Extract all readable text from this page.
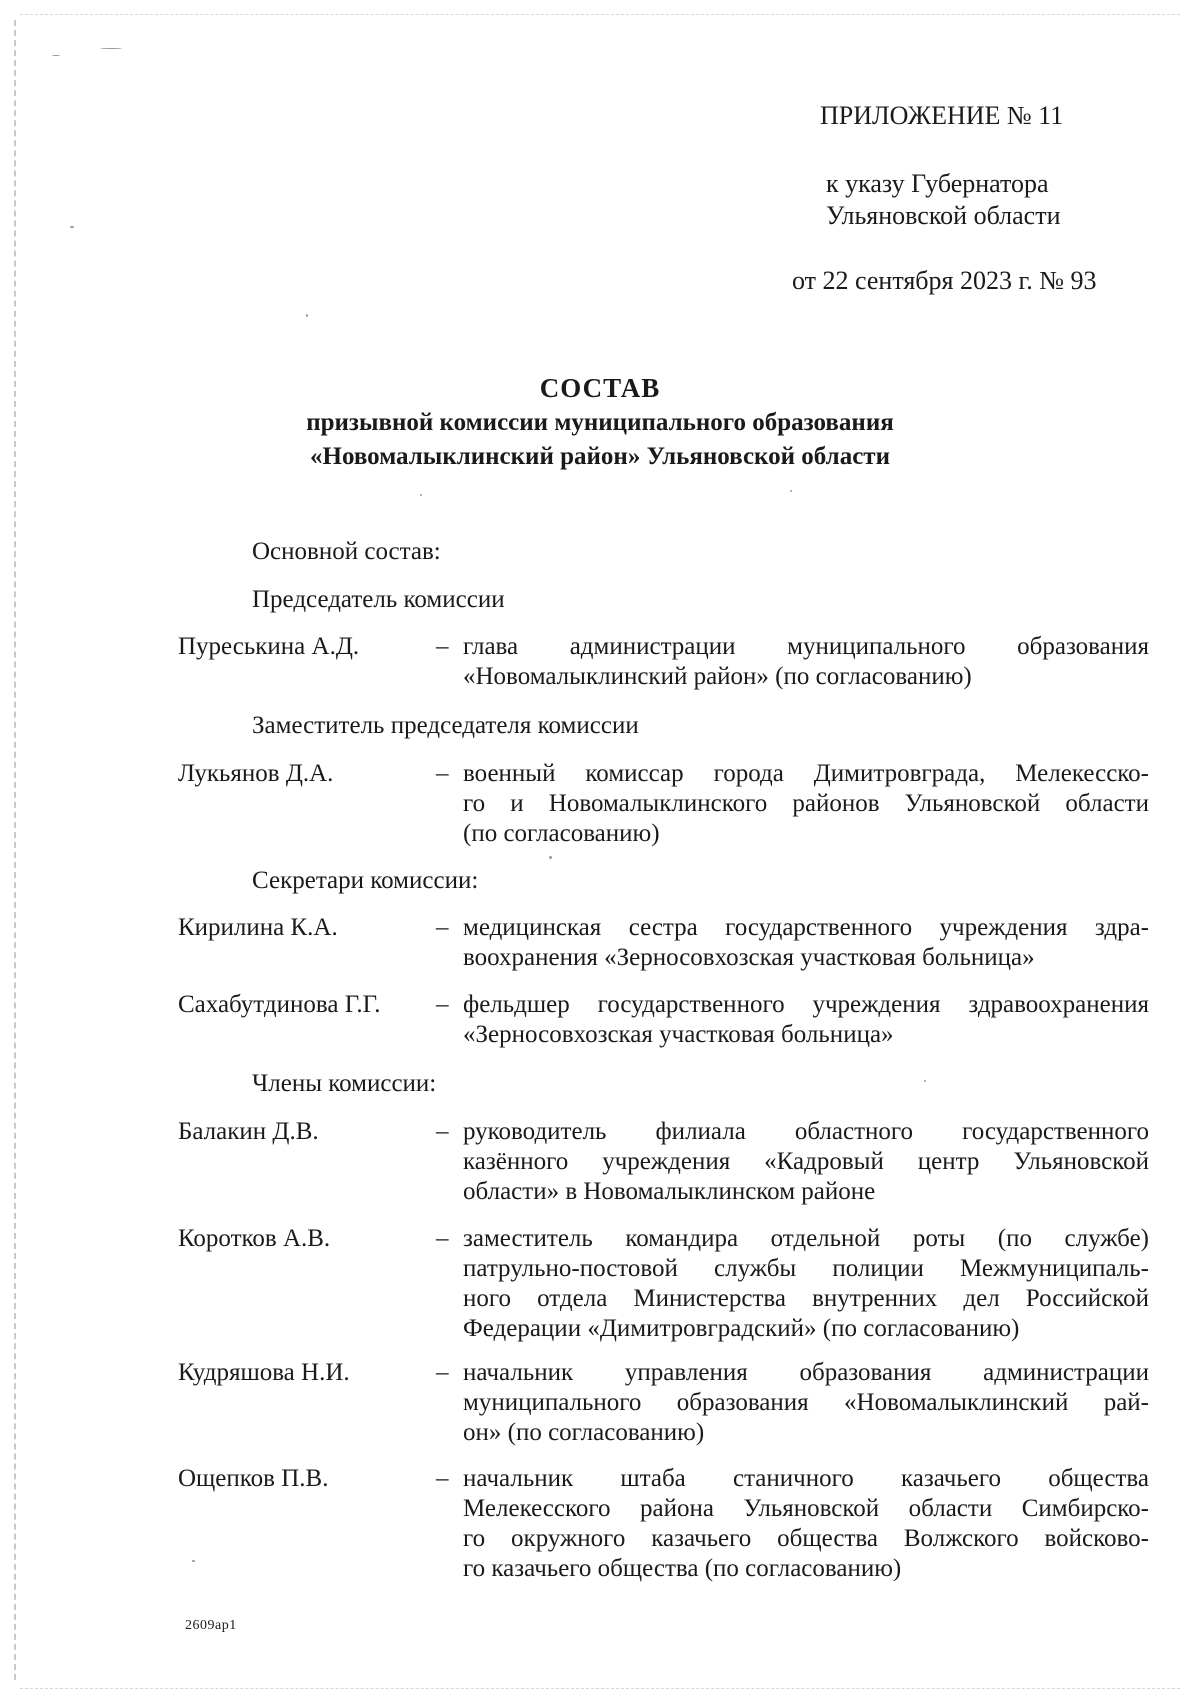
ПРИЛОЖЕНИЕ № 11
к указу Губернатора
Ульяновской области
от 22 сентября 2023 г. № 93
СОСТАВ
призывной комиссии муниципального образования
«Новомалыклинский район» Ульяновской области
Основной состав:
Председатель комиссии
Пуреськина А.Д.	– глава администрации муниципального образования
«Новомалыклинский район» (по согласованию)
Заместитель председателя комиссии
Лукьянов Д.А.	– военный комиссар города Димитровграда, Мелекесско-
го и Новомалыклинского районов Ульяновской области
(по согласованию)
Секретари комиссии:
Кирилина К.А.	– медицинская сестра государственного учреждения здра-
воохранения «Зерносовхозская участковая больница»
Сахабутдинова Г.Г. – фельдшер государственного учреждения здравоохранения
«Зерносовхозская участковая больница»
Члены комиссии:
Балакин Д.В.	– руководитель филиала областного государственного
казённого учреждения «Кадровый центр Ульяновской
области» в Новомалыклинском районе
Коротков А.В.	– заместитель командира отдельной роты (по службе)
патрульно-постовой службы полиции Межмуниципаль-
ного отдела Министерства внутренних дел Российской
Федерации «Димитровградский» (по согласованию)
Кудряшова Н.И.	– начальник управления образования администрации
муниципального образования «Новомалыклинский рай-
он» (по согласованию)
Ощепков П.В.	– начальник штаба станичного казачьего общества
Мелекесского района Ульяновской области Симбирско-
го окружного казачьего общества Волжского войсково-
го казачьего общества (по согласованию)
2609ap1
